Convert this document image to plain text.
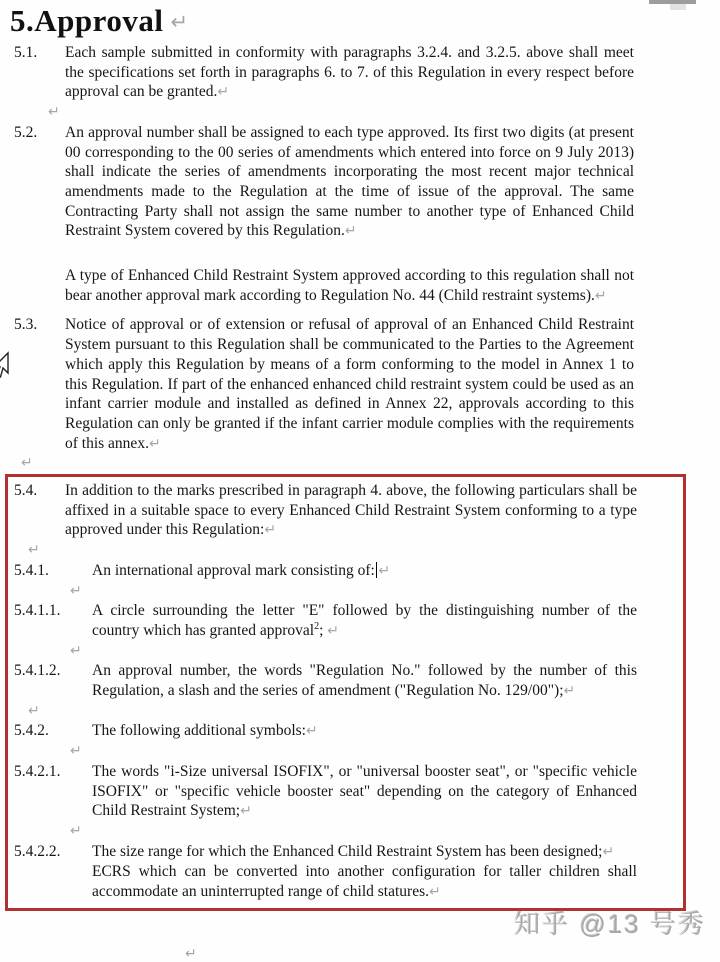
5.Approval ↵
5.1. Each sample submitted in conformity with paragraphs 3.2.4. and 3.2.5. above shall meet the specifications set forth in paragraphs 6. to 7. of this Regulation in every respect before approval can be granted.↵
↵
5.2. An approval number shall be assigned to each type approved. Its first two digits (at present 00 corresponding to the 00 series of amendments which entered into force on 9 July 2013) shall indicate the series of amendments incorporating the most recent major technical amendments made to the Regulation at the time of issue of the approval. The same Contracting Party shall not assign the same number to another type of Enhanced Child Restraint System covered by this Regulation.↵
A type of Enhanced Child Restraint System approved according to this regulation shall not bear another approval mark according to Regulation No. 44 (Child restraint systems).↵
5.3. Notice of approval or of extension or refusal of approval of an Enhanced Child Restraint System pursuant to this Regulation shall be communicated to the Parties to the Agreement which apply this Regulation by means of a form conforming to the model in Annex 1 to this Regulation. If part of the enhanced enhanced child restraint system could be used as an infant carrier module and installed as defined in Annex 22, approvals according to this Regulation can only be granted if the infant carrier module complies with the requirements of this annex.↵
↵
5.4. In addition to the marks prescribed in paragraph 4. above, the following particulars shall be affixed in a suitable space to every Enhanced Child Restraint System conforming to a type approved under this Regulation:↵
↵
5.4.1.	An international approval mark consisting of: ↵
↵
5.4.1.1. A circle surrounding the letter "E" followed by the distinguishing number of the country which has granted approval$^2$; ↵
↵
5.4.1.2. An approval number, the words "Regulation No." followed by the number of this Regulation, a slash and the series of amendment ("Regulation No. 129/00");↵
↵
5.4.2.	The following additional symbols:↵
↵
5.4.2.1. The words "i-Size universal ISOFIX", or "universal booster seat", or "specific vehicle ISOFIX" or "specific vehicle booster seat" depending on the category of Enhanced Child Restraint System;↵
↵
5.4.2.2. The size range for which the Enhanced Child Restraint System has been designed;↵
ECRS which can be converted into another configuration for taller children shall accommodate an uninterrupted range of child statures.↵
↵
知乎 @13 号秀
